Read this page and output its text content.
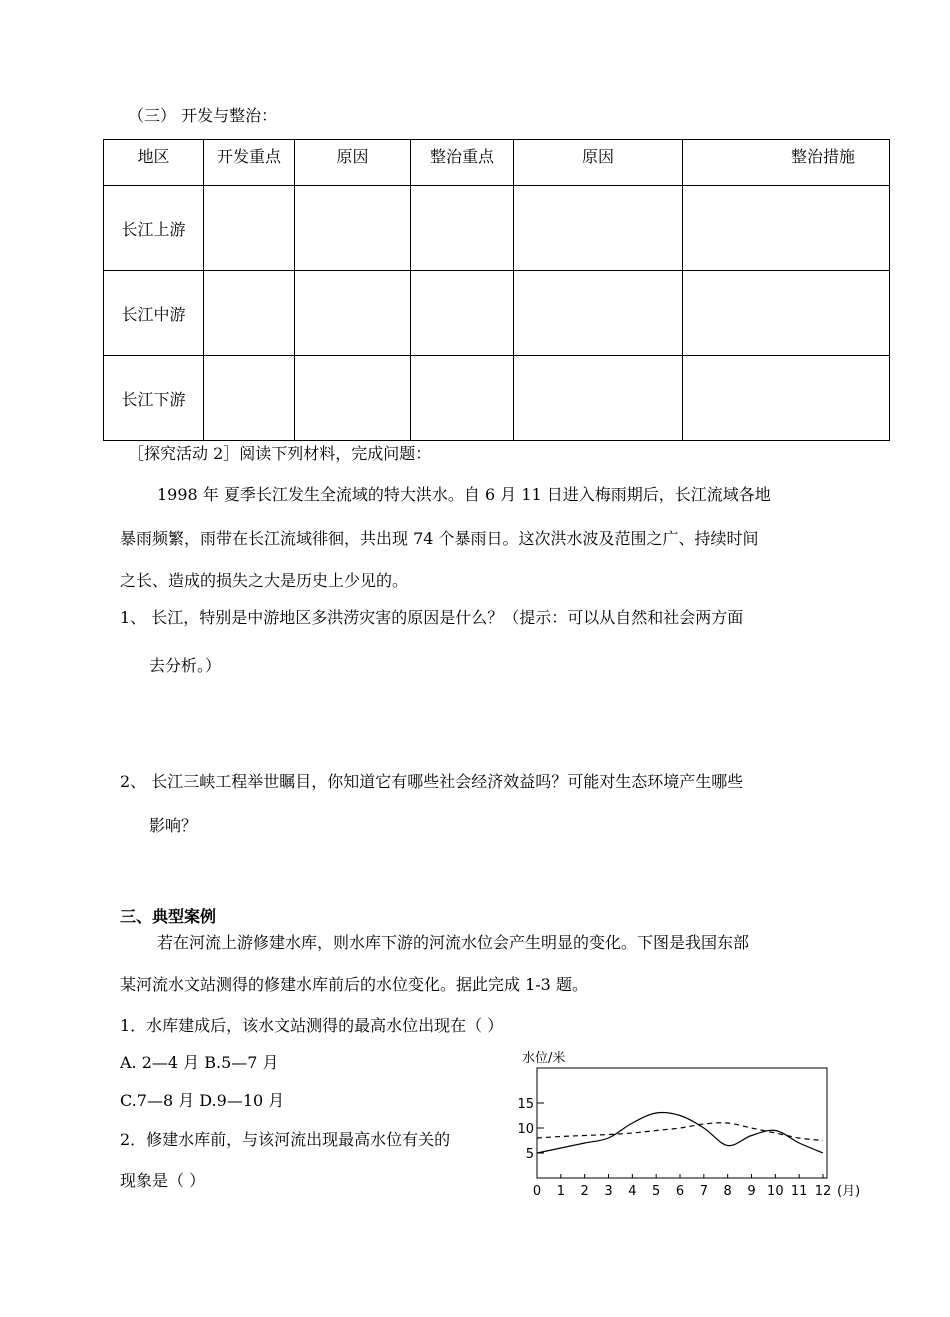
（三） 开发与整治：
地区	开发重点	原因	整治重点	原因	整治措施
长江上游					
长江中游					
长江下游					
［探究活动 2］阅读下列材料，完成问题：
1998 年 夏季长江发生全流域的特大洪水。自 6 月 11 日进入梅雨期后，长江流域各地
暴雨频繁，雨带在长江流域徘徊，共出现 74 个暴雨日。这次洪水波及范围之广、持续时间
之长、造成的损失之大是历史上少见的。
1、 长江，特别是中游地区多洪涝灾害的原因是什么？（提示：可以从自然和社会两方面
去分析。）
2、 长江三峡工程举世瞩目，你知道它有哪些社会经济效益吗？可能对生态环境产生哪些
影响？
三、典型案例
若在河流上游修建水库，则水库下游的河流水位会产生明显的变化。下图是我国东部
某河流水文站测得的修建水库前后的水位变化。据此完成 1-3 题。
1．水库建成后，该水文站测得的最高水位出现在（ ）
A. 2—4 月 B.5—7 月
C.7—8 月 D.9—10 月
2．修建水库前，与该河流出现最高水位有关的
现象是（ ）
水位/米
(月)
0 1 2 3 4 5 6 7 8 9 10 11 12
15
10
5
